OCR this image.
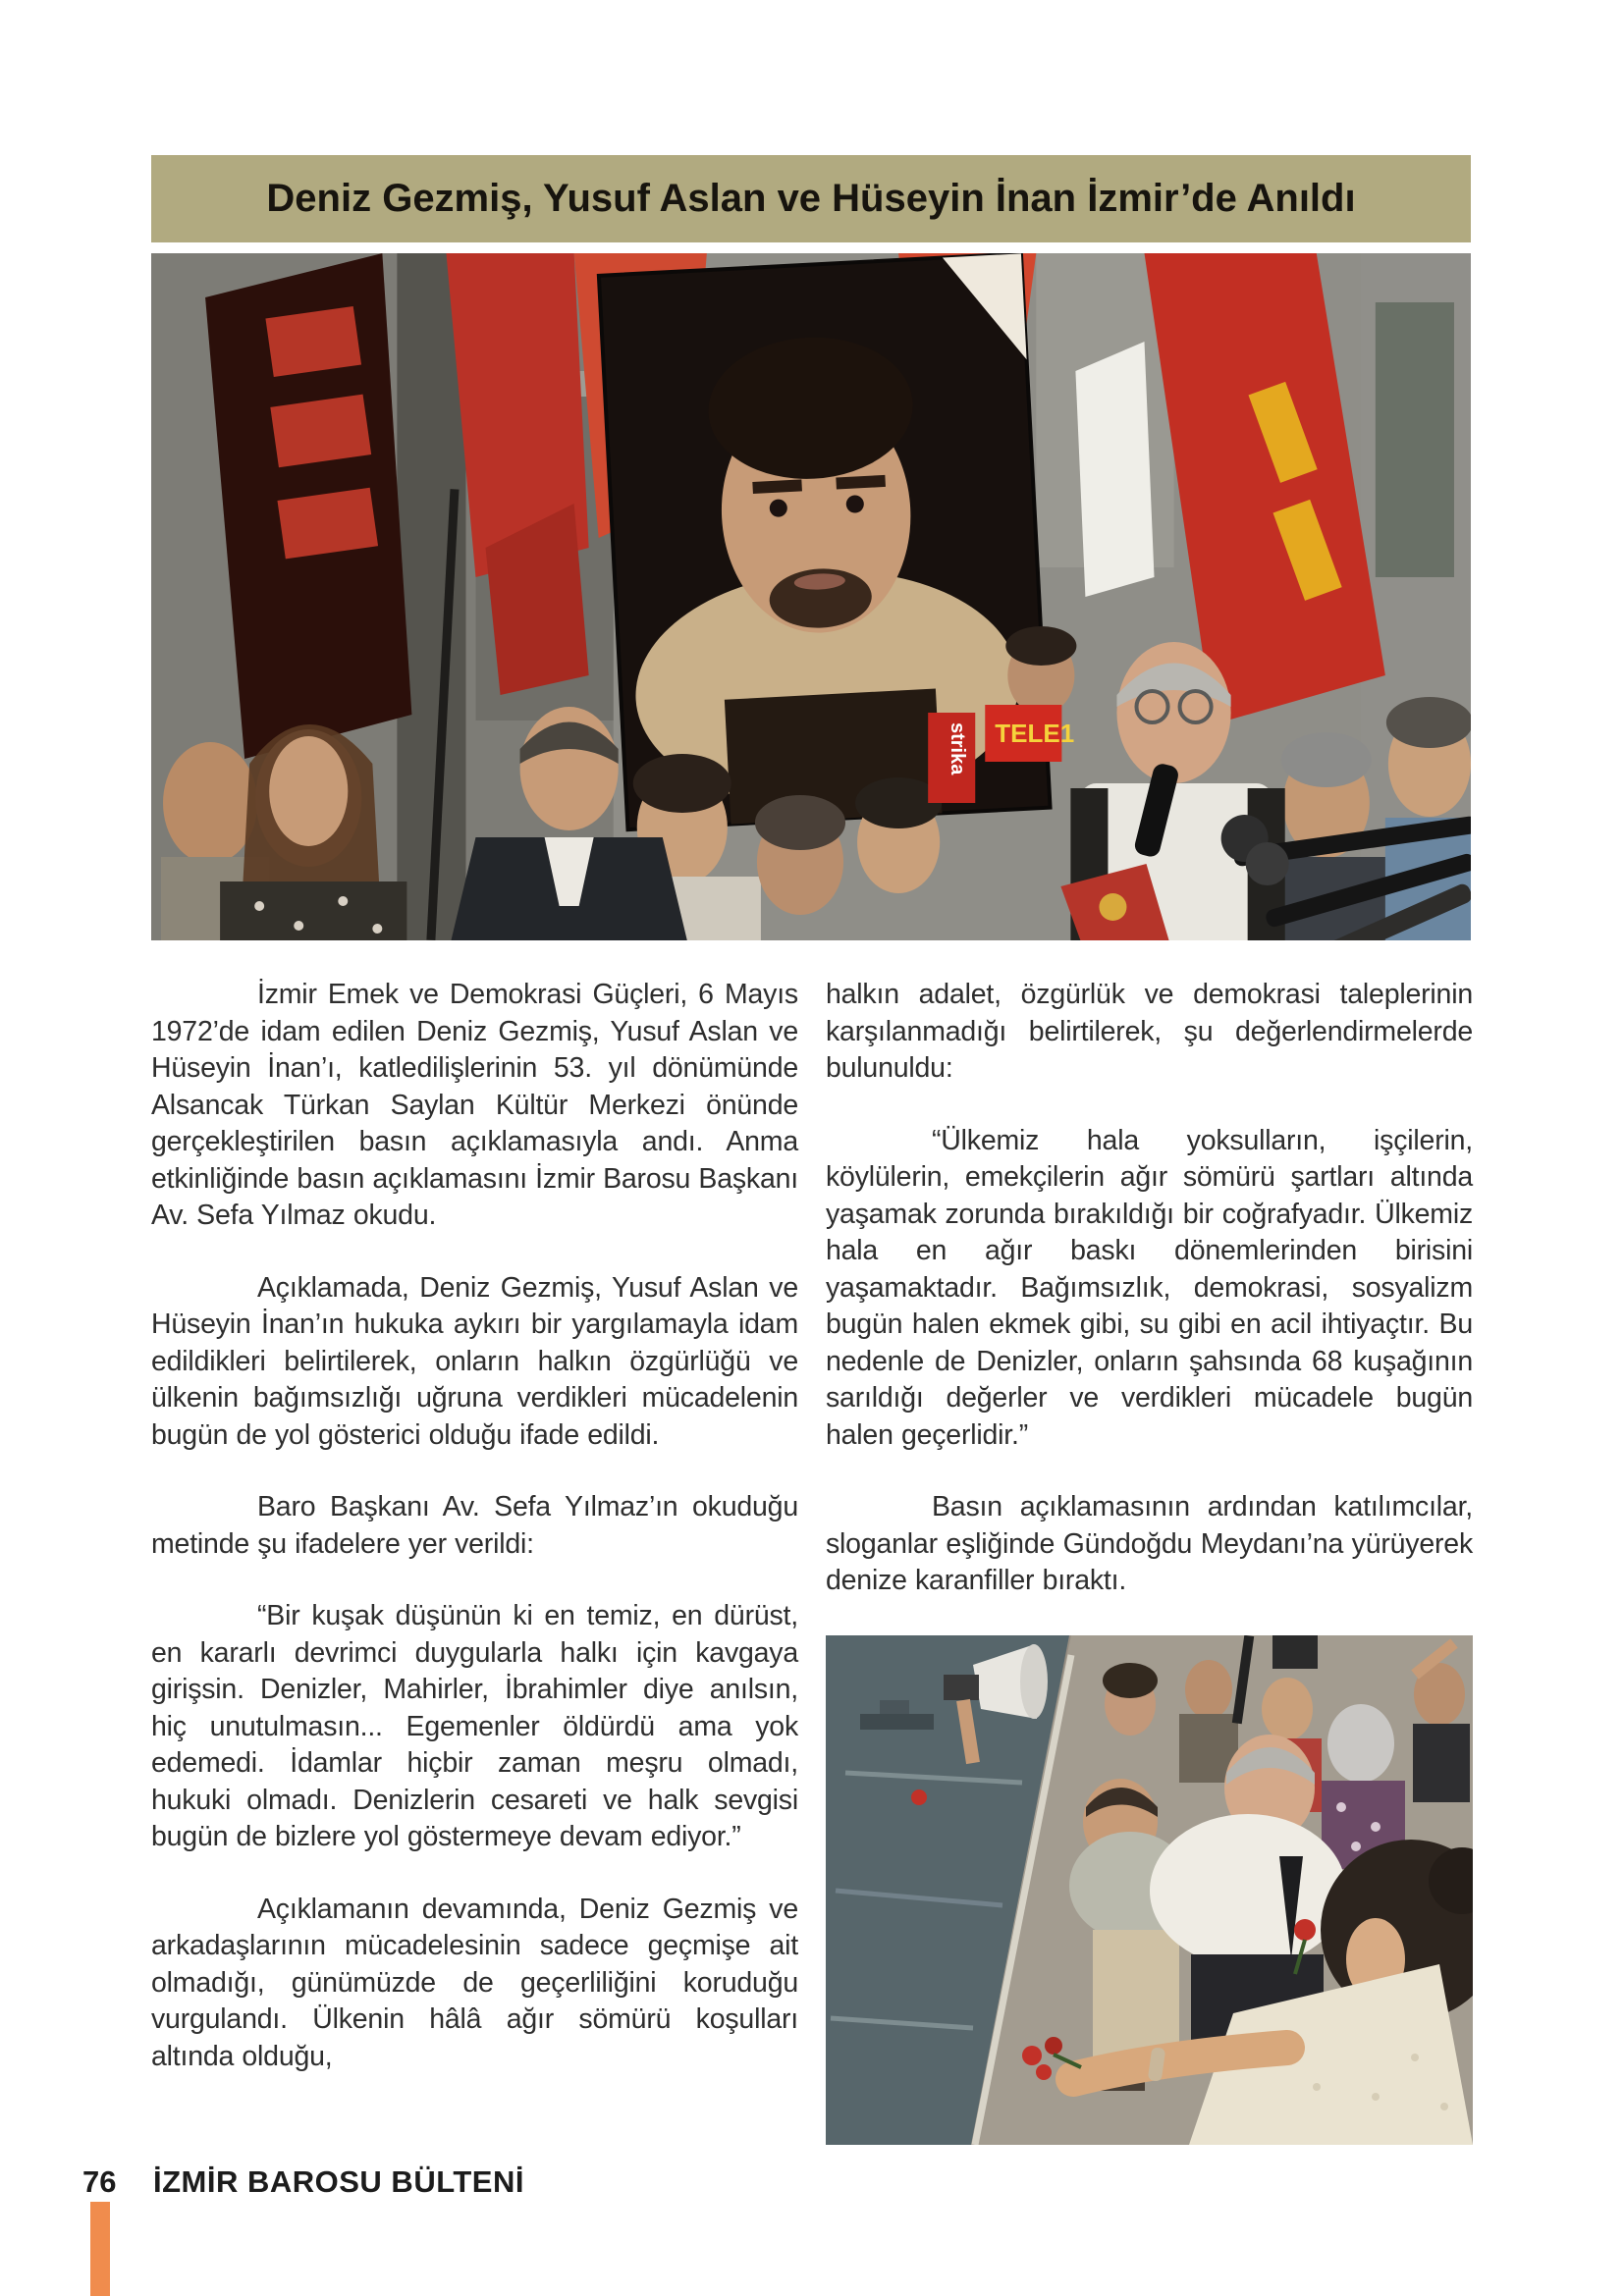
Deniz Gezmiş, Yusuf Aslan ve Hüseyin İnan İzmir’de Anıldı
strika TELE1

İzmir Emek ve Demokrasi Güçleri, 6 Mayıs 1972’de idam edilen Deniz Gezmiş, Yusuf Aslan ve Hüseyin İnan’ı, katledilişlerinin 53. yıl dönümünde Alsancak Türkan Saylan Kültür Merkezi önünde gerçekleştirilen basın açıklamasıyla andı. Anma etkinliğinde basın açıklamasını İzmir Barosu Başkanı Av. Sefa Yılmaz okudu.

Açıklamada, Deniz Gezmiş, Yusuf Aslan ve Hüseyin İnan’ın hukuka aykırı bir yargılamayla idam edildikleri belirtilerek, onların halkın özgürlüğü ve ülkenin bağımsızlığı uğruna verdikleri mücadelenin bugün de yol gösterici olduğu ifade edildi.

Baro Başkanı Av. Sefa Yılmaz’ın okuduğu metinde şu ifadelere yer verildi:

“Bir kuşak düşünün ki en temiz, en dürüst, en kararlı devrimci duygularla halkı için kavgaya girişsin. Denizler, Mahirler, İbrahimler diye anılsın, hiç unutulmasın... Egemenler öldürdü ama yok edemedi. İdamlar hiçbir zaman meşru olmadı, hukuki olmadı. Denizlerin cesareti ve halk sevgisi bugün de bizlere yol göstermeye devam ediyor.”

Açıklamanın devamında, Deniz Gezmiş ve arkadaşlarının mücadelesinin sadece geçmişe ait olmadığı, günümüzde de geçerliliğini koruduğu vurgulandı. Ülkenin hâlâ ağır sömürü koşulları altında olduğu,

halkın adalet, özgürlük ve demokrasi taleplerinin karşılanmadığı belirtilerek, şu değerlendirmelerde bulunuldu:

“Ülkemiz hala yoksulların, işçilerin, köylülerin, emekçilerin ağır sömürü şartları altında yaşamak zorunda bırakıldığı bir coğrafyadır. Ülkemiz hala en ağır baskı dönemlerinden birisini yaşamaktadır. Bağımsızlık, demokrasi, sosyalizm bugün halen ekmek gibi, su gibi en acil ihtiyaçtır. Bu nedenle de Denizler, onların şahsında 68 kuşağının sarıldığı değerler ve verdikleri mücadele bugün halen geçerlidir.”

Basın açıklamasının ardından katılımcılar, sloganlar eşliğinde Gündoğdu Meydanı’na yürüyerek denize karanfiller bıraktı.

76 İZMİR BAROSU BÜLTENİ
